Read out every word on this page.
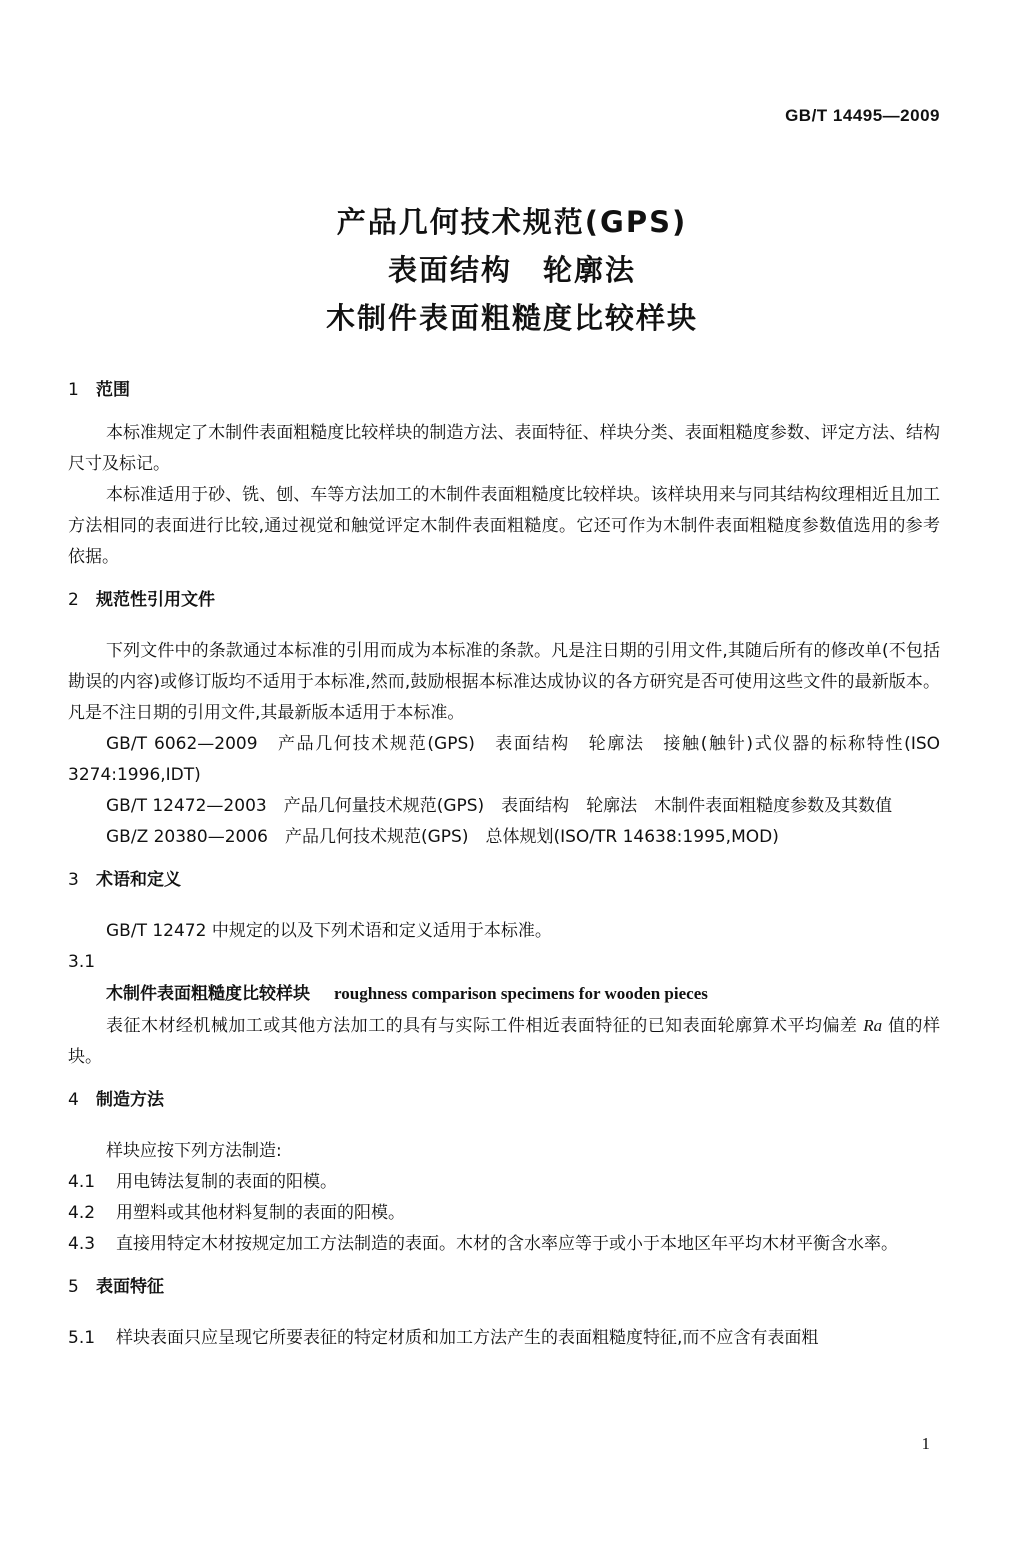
GB/T 14495—2009
产品几何技术规范(GPS)
表面结构　轮廓法
木制件表面粗糙度比较样块

1 范围

本标准规定了木制件表面粗糙度比较样块的制造方法、表面特征、样块分类、表面粗糙度参数、评定方法、结构尺寸及标记。

本标准适用于砂、铣、刨、车等方法加工的木制件表面粗糙度比较样块。该样块用来与同其结构纹理相近且加工方法相同的表面进行比较,通过视觉和触觉评定木制件表面粗糙度。它还可作为木制件表面粗糙度参数值选用的参考依据。

2 规范性引用文件

下列文件中的条款通过本标准的引用而成为本标准的条款。凡是注日期的引用文件,其随后所有的修改单(不包括勘误的内容)或修订版均不适用于本标准,然而,鼓励根据本标准达成协议的各方研究是否可使用这些文件的最新版本。凡是不注日期的引用文件,其最新版本适用于本标准。

GB/T 6062—2009　 产品几何技术规范(GPS)　表面结构　轮廓法　接触(触针)式仪器的标称特性(ISO 3274:1996,IDT)

GB/T 12472—2003　 产品几何量技术规范(GPS)　表面结构　轮廓法　木制件表面粗糙度参数及其数值

GB/Z 20380—2006　 产品几何技术规范(GPS)　总体规划(ISO/TR 14638:1995,MOD)

3 术语和定义

GB/T 12472 中规定的以及下列术语和定义适用于本标准。

3.1

木制件表面粗糙度比较样块 roughness comparison specimens for wooden pieces

表征木材经机械加工或其他方法加工的具有与实际工件相近表面特征的已知表面轮廓算术平均偏差 Ra 值的样块。

4 制造方法

样块应按下列方法制造:

4.1 用电铸法复制的表面的阳模。

4.2 用塑料或其他材料复制的表面的阳模。

4.3 直接用特定木材按规定加工方法制造的表面。木材的含水率应等于或小于本地区年平均木材平衡含水率。

5 表面特征

5.1 样块表面只应呈现它所要表征的特定材质和加工方法产生的表面粗糙度特征,而不应含有表面粗

1
